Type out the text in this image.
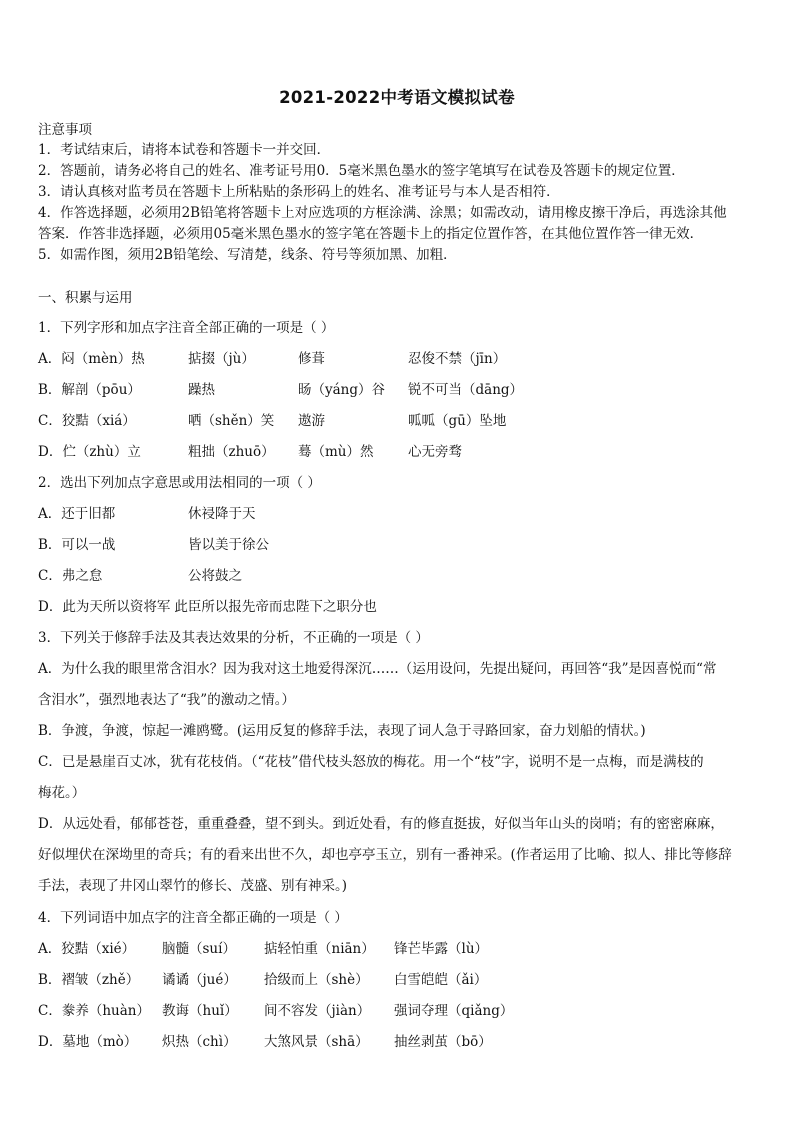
2021-2022中考语文模拟试卷

注意事项

1．考试结束后，请将本试卷和答题卡一并交回．

2．答题前，请务必将自己的姓名、准考证号用0．5毫米黑色墨水的签字笔填写在试卷及答题卡的规定位置．

3．请认真核对监考员在答题卡上所粘贴的条形码上的姓名、准考证号与本人是否相符．

4．作答选择题，必须用2B铅笔将答题卡上对应选项的方框涂满、涂黑；如需改动，请用橡皮擦干净后，再选涂其他

答案．作答非选择题，必须用05毫米黑色墨水的签字笔在答题卡上的指定位置作答，在其他位置作答一律无效．

5．如需作图，须用2B铅笔绘、写清楚，线条、符号等须加黑、加粗．

一、积累与运用

1．下列字形和加点字注音全部正确的一项是（ ）

A．闷（mèn）热	掂掇（jù）	修葺	忍俊不禁（jīn）
B．解剖（pōu）	躁热	旸（yáng）谷	锐不可当（dāng）
C．狡黠（xiá）	哂（shěn）笑	遨游	呱呱（gū）坠地
D．伫（zhù）立	粗拙（zhuō）	蓦（mù）然	心无旁骛

2．选出下列加点字意思或用法相同的一项（ ）

A．还于旧都	休祲降于天
B．可以一战	皆以美于徐公
C．弗之怠	公将鼓之
D．此为天所以资将军 此臣所以报先帝而忠陛下之职分也

3．下列关于修辞手法及其表达效果的分析，不正确的一项是（ ）

A．为什么我的眼里常含泪水？因为我对这土地爱得深沉……（运用设问，先提出疑问，再回答“我”是因喜悦而“常

含泪水”，强烈地表达了“我”的激动之情。）

B．争渡，争渡，惊起一滩鸥鹭。(运用反复的修辞手法，表现了词人急于寻路回家，奋力划船的情状。)

C．已是悬崖百丈冰，犹有花枝俏。（“花枝”借代枝头怒放的梅花。用一个“枝”字，说明不是一点梅，而是满枝的

梅花。）

D．从远处看，郁郁苍苍，重重叠叠，望不到头。到近处看，有的修直挺拔，好似当年山头的岗哨；有的密密麻麻，

好似埋伏在深坳里的奇兵；有的看来出世不久，却也亭亭玉立，别有一番神采。(作者运用了比喻、拟人、排比等修辞

手法，表现了井冈山翠竹的修长、茂盛、别有神采。)

4．下列词语中加点字的注音全都正确的一项是（ ）

A．狡黠（xié）	脑髓（suí）	掂轻怕重（niān）	锋芒毕露（lù）
B．褶皱（zhě）	谲谲（jué）	拾级而上（shè）	白雪皑皑（ǎi）
C．豢养（huàn） 教诲（huǐ）	间不容发（jiàn）	强词夺理（qiǎng）
D．墓地（mò）	炽热（chì）	大煞风景（shā）	抽丝剥茧（bō）
